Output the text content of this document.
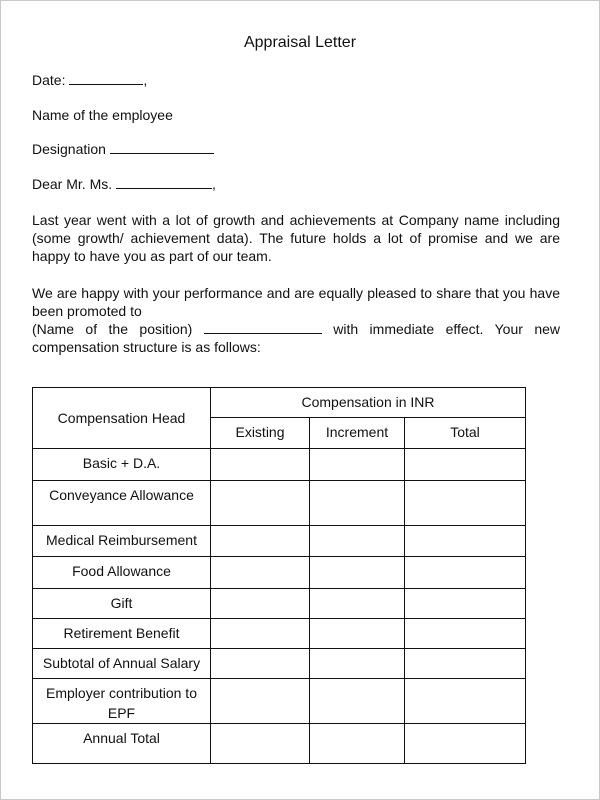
Appraisal Letter
Date:	,
Name of the employee
Designation
Dear Mr. Ms.	,
Last year went with a lot of growth and achievements at Company name including (some growth/ achievement data). The future holds a lot of promise and we are happy to have you as part of our team.
We are happy with your performance and are equally pleased to share that you have been promoted to
(Name of the position)	with immediate effect. Your new
compensation structure is as follows:
Compensation Head	Compensation in INR		
	Existing	Increment	Total
Basic + D.A.			
Conveyance Allowance			
Medical Reimbursement			
Food Allowance			
Gift			
Retirement Benefit			
Subtotal of Annual Salary			
Employer contribution to EPF			
Annual Total			
